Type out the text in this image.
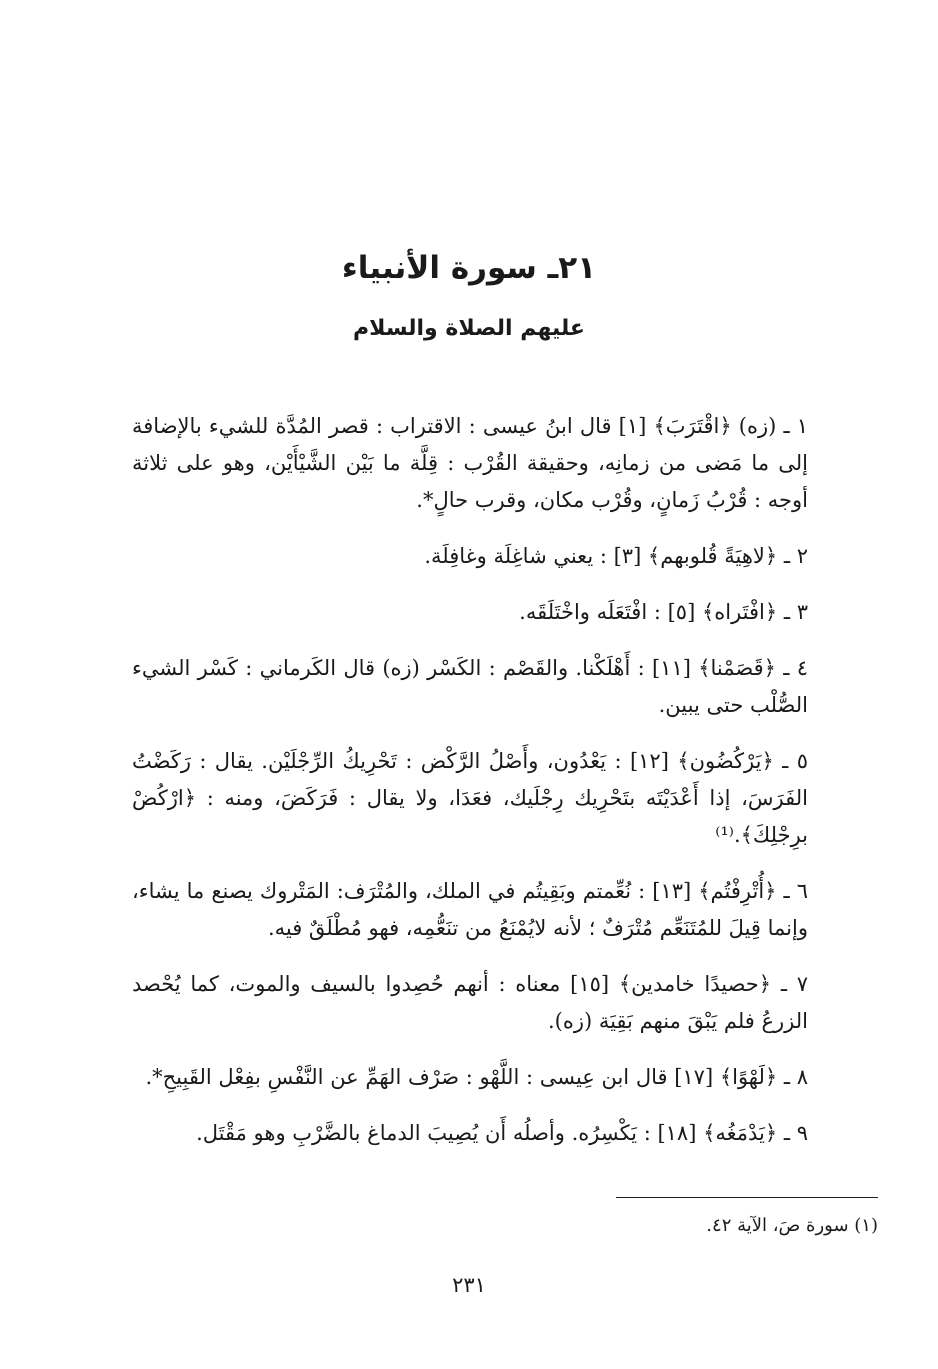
٢١ـ سورة الأنبياء
عليهم الصلاة والسلام

١ ـ (زه) ﴿اقْتَرَبَ﴾ [١] قال ابنُ عيسى : الاقتراب : قصر المُدَّة للشيء بالإضافة إلى ما مَضى من زمانِه، وحقيقة القُرْب : قِلَّة ما بَيْن الشَّيْأَيْن، وهو على ثلاثة أوجه : قُرْبُ زَمانٍ، وقُرْب مكان، وقرب حالٍ*.

٢ ـ ﴿لاهِيَةً قُلوبهم﴾ [٣] : يعني شاغِلَة وغافِلَة.

٣ ـ ﴿افْتَراه﴾ [٥] : افْتَعَلَه واخْتَلَقَه.

٤ ـ ﴿قَصَمْنا﴾ [١١] : أَهْلَكْنا. والقَصْم : الكَسْر (زه) قال الكَرماني : كَسْر الشيء الصُّلْب حتى يبين.

٥ ـ ﴿يَرْكُضُون﴾ [١٢] : يَعْدُون، وأَصْلُ الرَّكْض : تَحْرِيكُ الرِّجْلَيْن. يقال : رَكَضْتُ الفَرَسَ، إذا أَعْدَيْتَه بتَحْرِيك رِجْلَيك، فعَدَا، ولا يقال : فَرَكَضَ، ومنه : ﴿ارْكُضْ برِجْلِكَ﴾.⁽¹⁾

٦ ـ ﴿أُتْرِفْتُم﴾ [١٣] : نُعِّمتم وبَقِيتُم في الملك، والمُتْرَف: المَتْروك يصنع ما يشاء، وإنما قِيلَ للمُتَنَعِّم مُتْرَفٌ ؛ لأنه لايُمْنَعُ من تنَعُّمِه، فهو مُطْلَقٌ فيه.

٧ ـ ﴿حصيدًا خامدين﴾ [١٥] معناه : أنهم حُصِدوا بالسيف والموت، كما يُحْصد الزرعُ فلم يَبْقَ منهم بَقِيَة (زه).

٨ ـ ﴿لَهْوًا﴾ [١٧] قال ابن عِيسى : اللَّهْو : صَرْف الهَمِّ عن النَّفْسِ بفِعْل القَبِيحِ*.

٩ ـ ﴿يَدْمَغُه﴾ [١٨] : يَكْسِرُه. وأصلُه أَن يُصِيبَ الدماغ بالضَّرْبِ وهو مَقْتَل.

(١) سورة صَ، الآية ٤٢.
٢٣١
